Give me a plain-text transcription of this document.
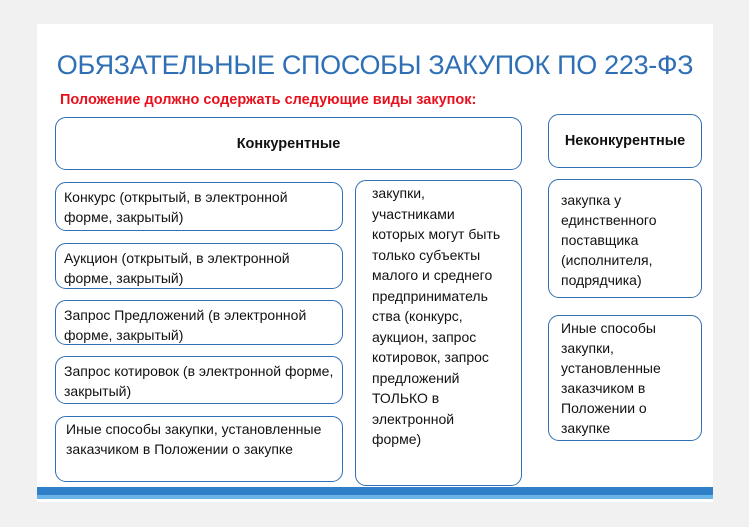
ОБЯЗАТЕЛЬНЫЕ СПОСОБЫ ЗАКУПОК ПО 223-ФЗ
Положение должно содержать следующие виды закупок:
Конкурентные	Неконкурентные
Конкурс (открытый, в электронной форме, закрытый)
Аукцион (открытый, в электронной форме, закрытый)
Запрос Предложений (в электронной форме, закрытый)
Запрос котировок (в электронной форме, закрытый)
Иные способы закупки, установленные заказчиком в Положении о закупке
закупки, участниками которых могут быть только субъекты малого и среднего предприниматель ства (конкурс, аукцион, запрос котировок, запрос предложений ТОЛЬКО в электронной форме)
закупка у единственного поставщика (исполнителя, подрядчика)
Иные способы закупки, установленные заказчиком в Положении о закупке
